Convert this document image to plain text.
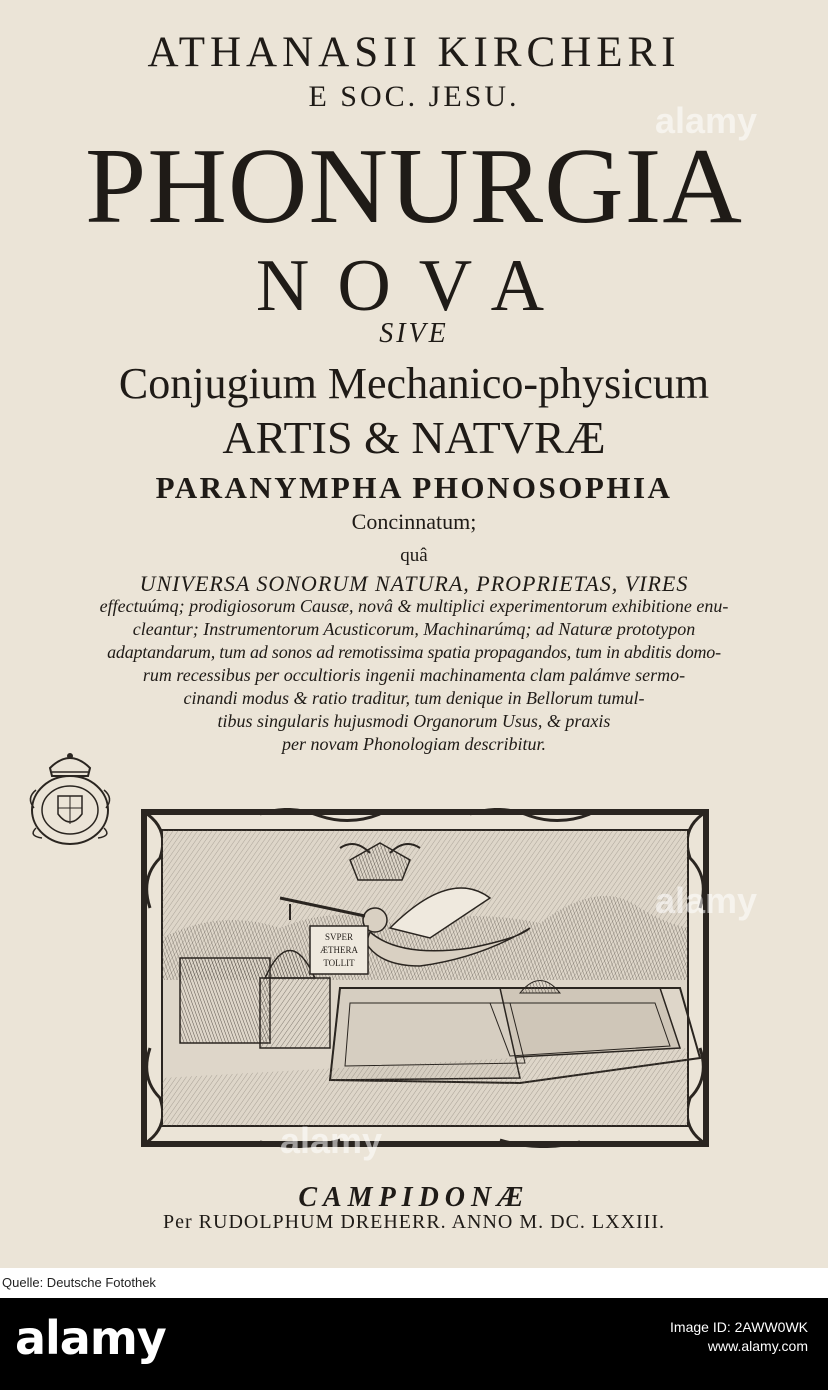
ATHANASII KIRCHERI
E SOC. JESU.
PHONURGIA
NOVA
SIVE
Conjugium Mechanico-physicum
ARTIS & NATVRÆ
PARANYMPHA PHONOSOPHIA
Concinnatum;
quâ
UNIVERSA SONORUM NATURA, PROPRIETAS, VIRES
effectuúmq; prodigiosorum Causæ, novâ & multiplici experimentorum exhibitione enu-
cleantur; Instrumentorum Acusticorum, Machinarúmq; ad Naturæ prototypon
adaptandarum, tum ad sonos ad remotissima spatia propagandos, tum in abditis domo-
rum recessibus per occultioris ingenii machinamenta clam palámve sermo-
cinandi modus & ratio traditur, tum denique in Bellorum tumul-
tibus singularis hujusmodi Organorum Usus, & praxis
per novam Phonologiam describitur.
SVPER
ÆTHERA
TOLLIT
CAMPIDONÆ
Per RUDOLPHUM DREHERR. ANNO M. DC. LXXIII.
alamy
alamy
alamy
Quelle: Deutsche Fotothek
alamy	Image ID: 2AWW0WK
www.alamy.com
